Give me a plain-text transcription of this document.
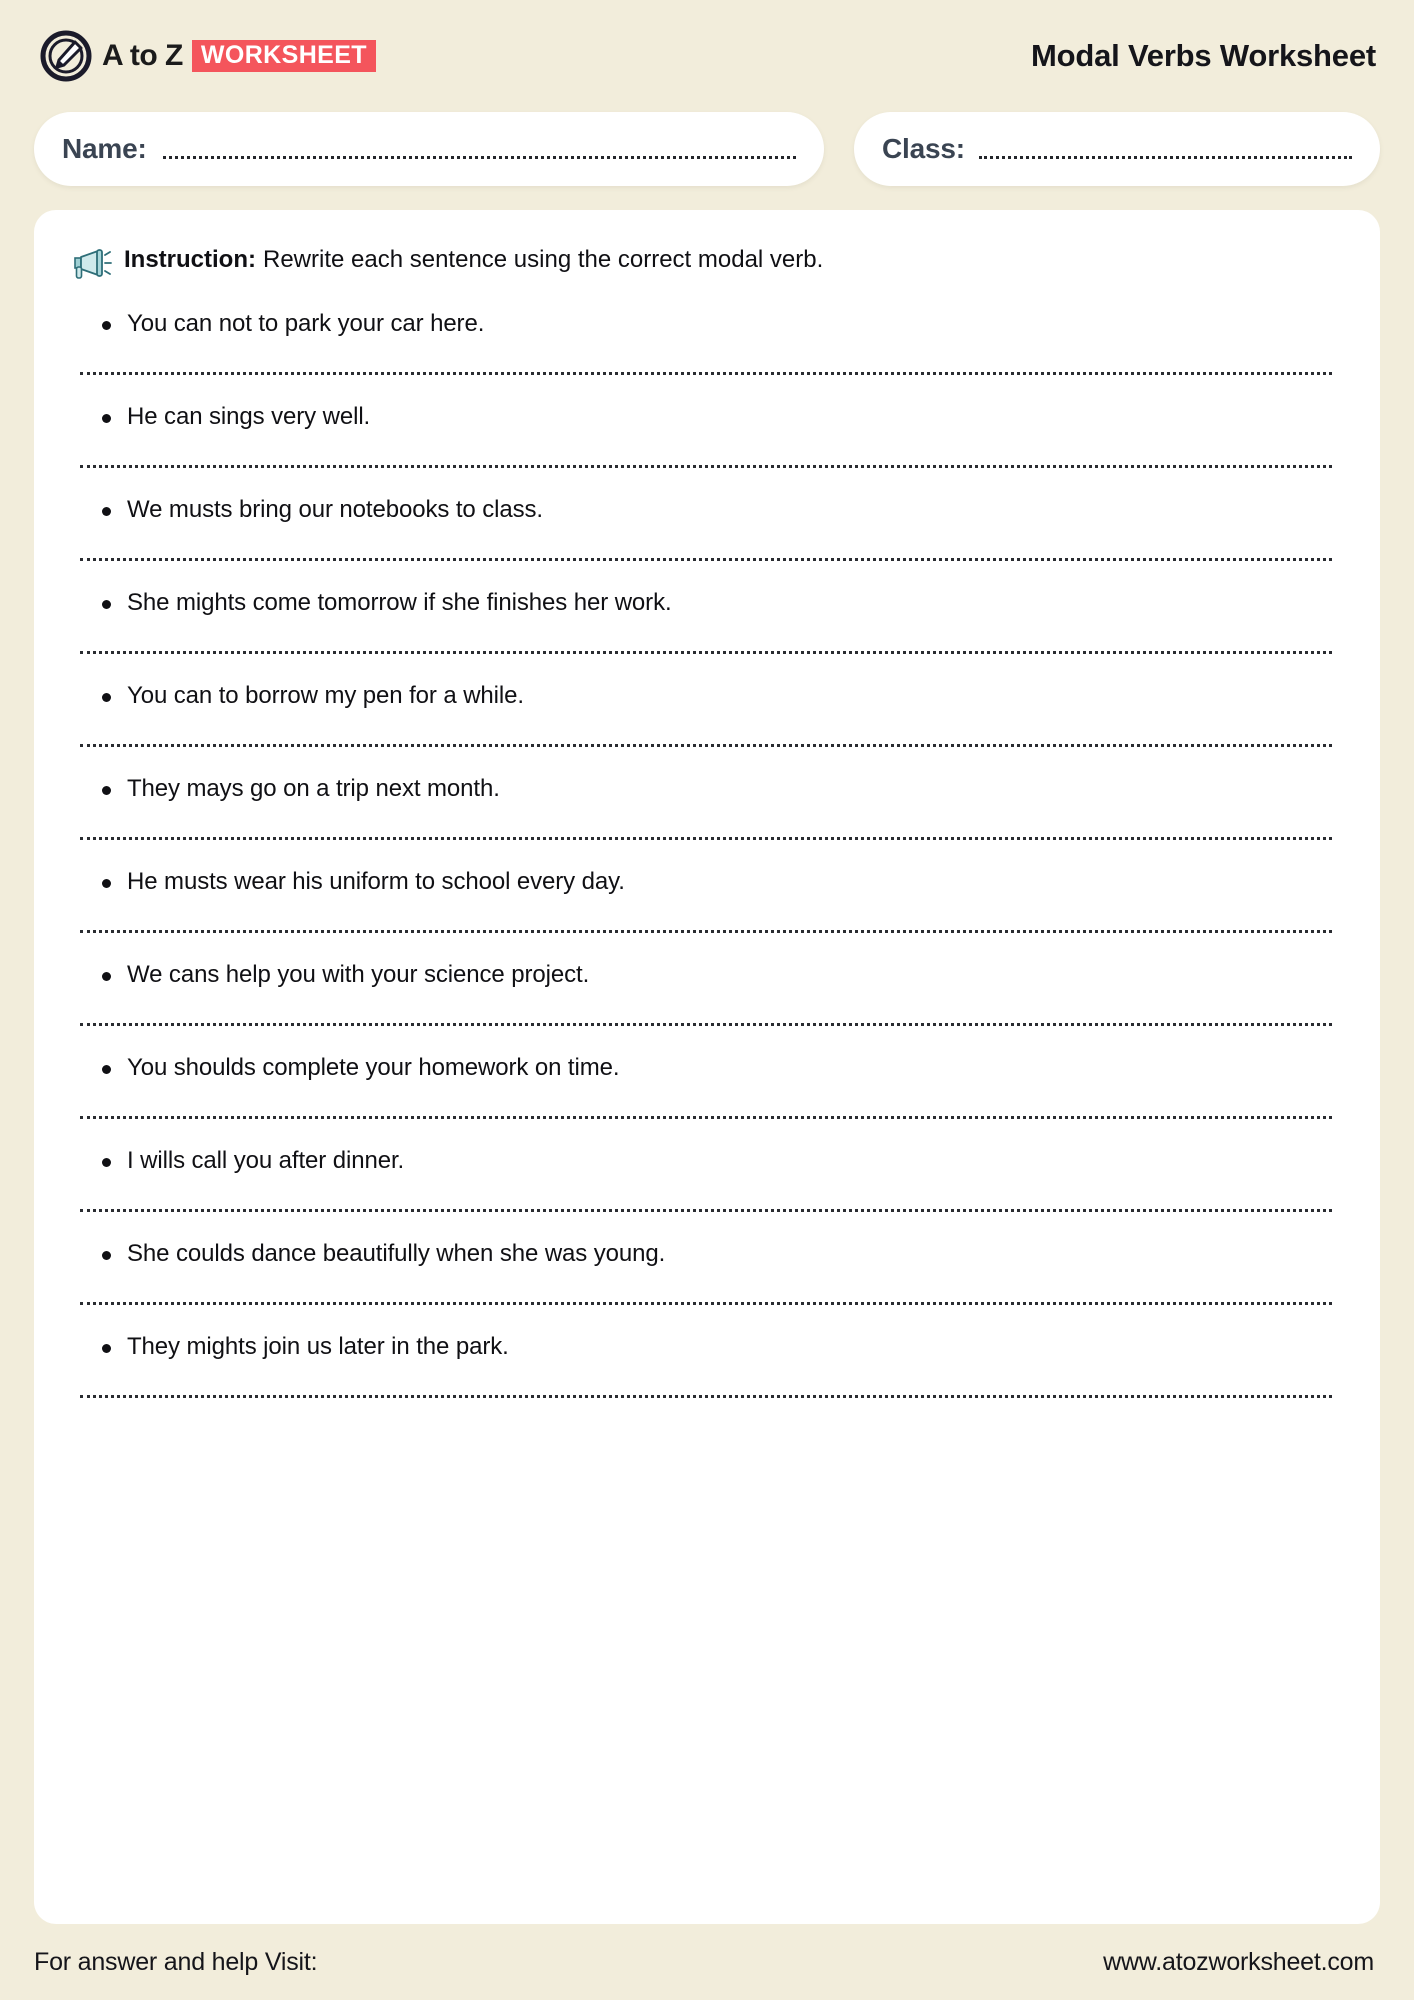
A to Z WORKSHEET	Modal Verbs Worksheet
Name:	Class:
Instruction: Rewrite each sentence using the correct modal verb.
You can not to park your car here.
He can sings very well.
We musts bring our notebooks to class.
She mights come tomorrow if she finishes her work.
You can to borrow my pen for a while.
They mays go on a trip next month.
He musts wear his uniform to school every day.
We cans help you with your science project.
You shoulds complete your homework on time.
I wills call you after dinner.
She coulds dance beautifully when she was young.
They mights join us later in the park.
For answer and help Visit:	www.atozworksheet.com
